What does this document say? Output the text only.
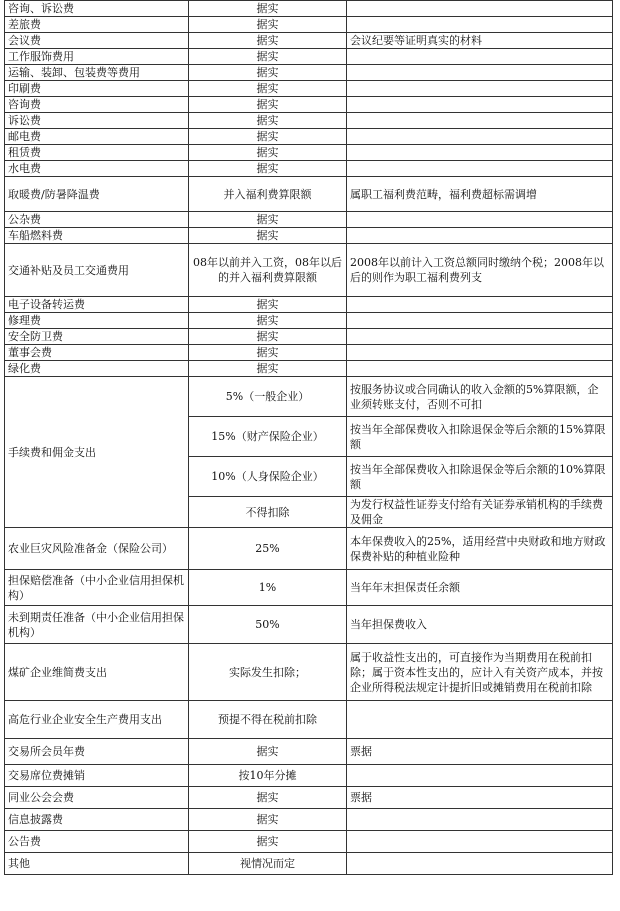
咨询、诉讼费	据实	
差旅费	据实	
会议费	据实	会议纪要等证明真实的材料
工作服饰费用	据实	
运输、装卸、包装费等费用	据实	
印刷费	据实	
咨询费	据实	
诉讼费	据实	
邮电费	据实	
租赁费	据实	
水电费	据实	
取暖费/防暑降温费	并入福利费算限额	属职工福利费范畴，福利费超标需调增
公杂费	据实	
车船燃料费	据实	
交通补贴及员工交通费用	08年以前并入工资，08年以后的并入福利费算限额	2008年以前计入工资总额同时缴纳个税；2008年以后的则作为职工福利费列支
电子设备转运费	据实	
修理费	据实	
安全防卫费	据实	
董事会费	据实	
绿化费	据实	
手续费和佣金支出	5%（一般企业）	按服务协议或合同确认的收入金额的5%算限额，企业须转账支付，否则不可扣
	15%（财产保险企业）	按当年全部保费收入扣除退保金等后余额的15%算限额
	10%（人身保险企业）	按当年全部保费收入扣除退保金等后余额的10%算限额
	不得扣除	为发行权益性证券支付给有关证券承销机构的手续费及佣金
农业巨灾风险准备金（保险公司）	25%	本年保费收入的25%，适用经营中央财政和地方财政保费补贴的种植业险种
担保赔偿准备（中小企业信用担保机构）	1%	当年年末担保责任余额
未到期责任准备（中小企业信用担保机构）	50%	当年担保费收入
煤矿企业维简费支出	实际发生扣除；	属于收益性支出的，可直接作为当期费用在税前扣除；属于资本性支出的，应计入有关资产成本，并按企业所得税法规定计提折旧或摊销费用在税前扣除
高危行业企业安全生产费用支出	预提不得在税前扣除	
交易所会员年费	据实	票据
交易席位费摊销	按10年分摊	
同业公会会费	据实	票据
信息披露费	据实	
公告费	据实	
其他	视情况而定	
